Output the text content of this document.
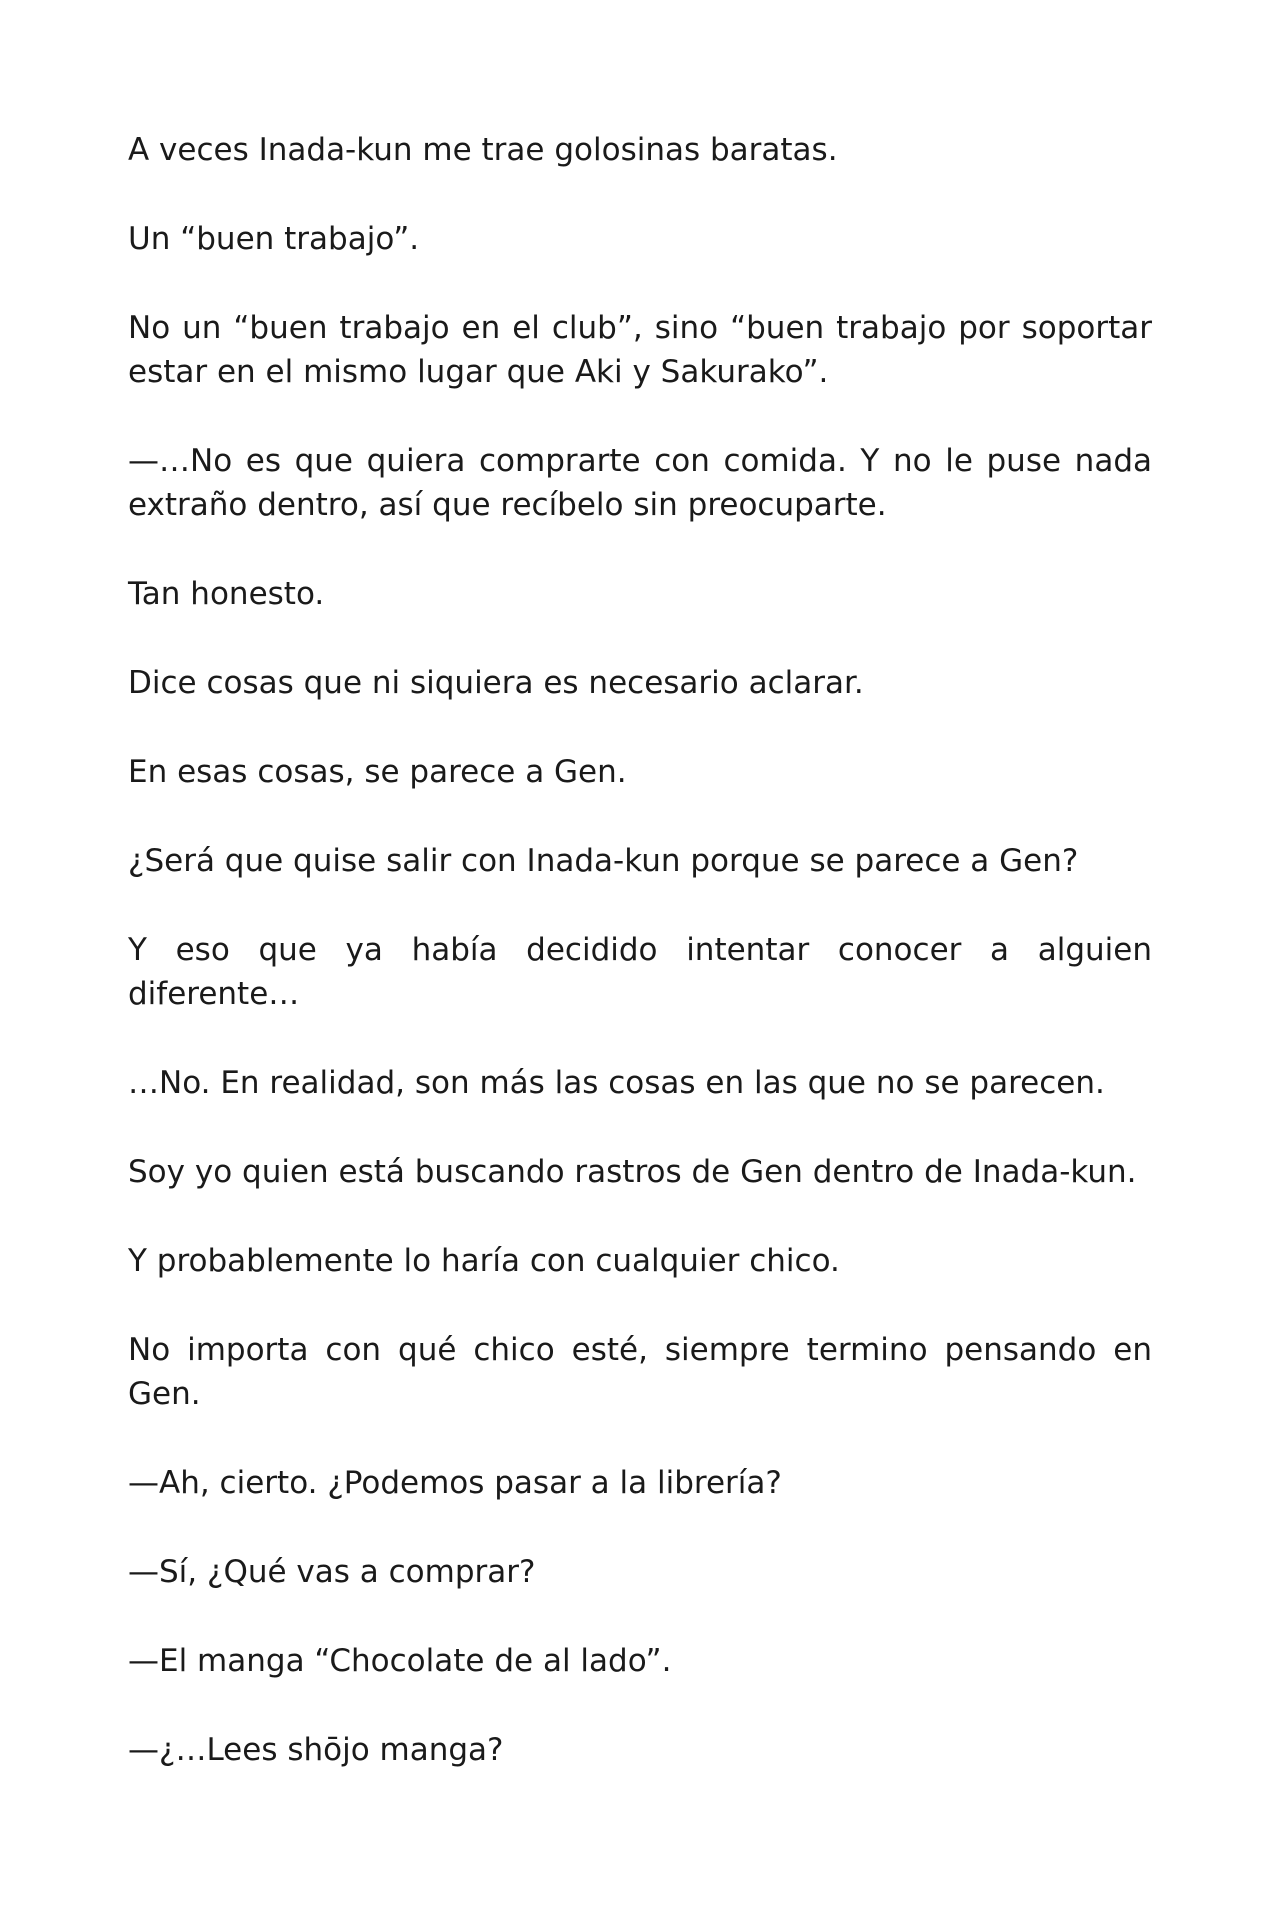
A veces Inada-kun me trae golosinas baratas.

Un “buen trabajo”.

No un “buen trabajo en el club”, sino “buen trabajo por soportar estar en el mismo lugar que Aki y Sakurako”.

—…No es que quiera comprarte con comida. Y no le puse nada extraño dentro, así que recíbelo sin preocuparte.

Tan honesto.

Dice cosas que ni siquiera es necesario aclarar.

En esas cosas, se parece a Gen.

¿Será que quise salir con Inada-kun porque se parece a Gen?

Y eso que ya había decidido intentar conocer a alguien diferente…

…No. En realidad, son más las cosas en las que no se parecen.

Soy yo quien está buscando rastros de Gen dentro de Inada-kun.

Y probablemente lo haría con cualquier chico.

No importa con qué chico esté, siempre termino pensando en Gen.

—Ah, cierto. ¿Podemos pasar a la librería?

—Sí, ¿Qué vas a comprar?

—El manga “Chocolate de al lado”.

—¿…Lees shōjo manga?
